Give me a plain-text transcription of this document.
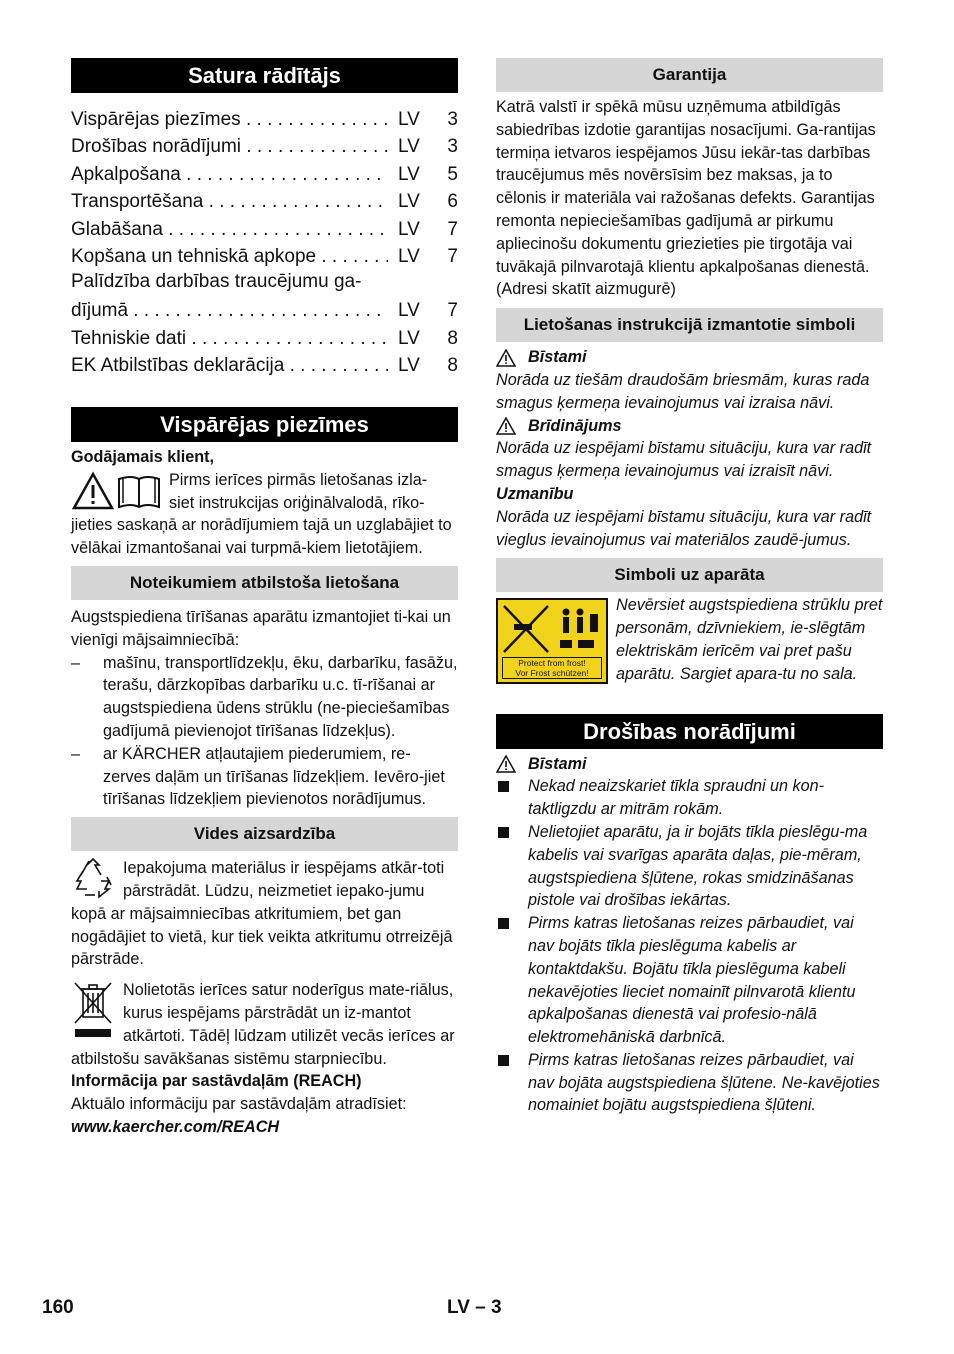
Satura rādītājs
Vispārējas piezīmes . . .	LV	3
Drošības norādījumi . . .	LV	3
Apkalpošana . . .	LV	5
Transportēšana . . .	LV	6
Glabāšana . . .	LV	7
Kopšana un tehniskā apkope . . .	LV	7
Palīdzība darbības traucējumu ga-
dījumā . . .	LV	7
Tehniskie dati . . .	LV	8
EK Atbilstības deklarācija . . .	LV	8
Vispārējas piezīmes

Godājamais klient,

Pirms ierīces pirmās lietošanas izla-

siet instrukcijas oriģinālvalodā, rīko-

jieties saskaņā ar norādījumiem tajā un uzglabājiet to vēlākai izmantošanai vai turpmā-kiem lietotājiem.

Noteikumiem atbilstoša lietošana

Augstspiediena tīrīšanas aparātu izmantojiet ti-kai un vienīgi mājsaimniecībā:

–	mašīnu, transportlīdzekļu, ēku, darbarīku, fasāžu, terašu, dārzkopības darbarīku u.c. tī-rīšanai ar augstspiediena ūdens strūklu (ne-pieciešamības gadījumā pievienojot tīrīšanas līdzekļus).
–	ar KÄRCHER atļautajiem piederumiem, re-zerves daļām un tīrīšanas līdzekļiem. Ievēro-jiet tīrīšanas līdzekļiem pievienotos norādījumus.
Vides aizsardzība

Iepakojuma materiālus ir iespējams atkār-toti pārstrādāt. Lūdzu, neizmetiet iepako-jumu kopā ar mājsaimniecības atkritumiem, bet gan nogādājiet to vietā, kur tiek veikta atkritumu otrreizējā pārstrāde.

Nolietotās ierīces satur noderīgus mate-riālus, kurus iespējams pārstrādāt un iz-mantot atkārtoti. Tādēļ lūdzam utilizēt vecās ierīces ar atbilstošu savākšanas sistēmu starpniecību.

Informācija par sastāvdaļām (REACH)

Aktuālo informāciju par sastāvdaļām atradīsiet:

www.kaercher.com/REACH

Garantija

Katrā valstī ir spēkā mūsu uzņēmuma atbildīgās sabiedrības izdotie garantijas nosacījumi. Ga-rantijas termiņa ietvaros iespējamos Jūsu iekār-tas darbības traucējumus mēs novērsīsim bez maksas, ja to cēlonis ir materiāla vai ražošanas defekts. Garantijas remonta nepieciešamības gadījumā ar pirkumu apliecinošu dokumentu griezieties pie tirgotāja vai tuvākajā pilnvarotajā klientu apkalpošanas dienestā.

(Adresi skatīt aizmugurē)

Lietošanas instrukcijā izmantotie simboli
Bīstami

Norāda uz tiešām draudošām briesmām, kuras rada smagus ķermeņa ievainojumus vai izraisa nāvi.

Brīdinājums

Norāda uz iespējami bīstamu situāciju, kura var radīt smagus ķermeņa ievainojumus vai izraisīt nāvi.

Uzmanību

Norāda uz iespējami bīstamu situāciju, kura var radīt vieglus ievainojumus vai materiālos zaudē-jumus.

Simboli uz aparāta
Protect from frost!
Vor Frost schützen!

Nevērsiet augstspiediena strūklu pret personām, dzīvniekiem, ie-slēgtām elektriskām ierīcēm vai pret pašu aparātu. Sargiet apara-tu no sala.

Drošības norādījumi
Bīstami
Nekad neaizskariet tīkla spraudni un kon-taktligzdu ar mitrām rokām.
Nelietojiet aparātu, ja ir bojāts tīkla pieslēgu-ma kabelis vai svarīgas aparāta daļas, pie-mēram, augstspiediena šļūtene, rokas smidzināšanas pistole vai drošības iekārtas.
Pirms katras lietošanas reizes pārbaudiet, vai nav bojāts tīkla pieslēguma kabelis ar kontaktdakšu. Bojātu tīkla pieslēguma kabeli nekavējoties lieciet nomainīt pilnvarotā klientu apkalpošanas dienestā vai profesio-nālā elektromehāniskā darbnīcā.
Pirms katras lietošanas reizes pārbaudiet, vai nav bojāta augstspiediena šļūtene. Ne-kavējoties nomainiet bojātu augstspiediena šļūteni.
160	LV – 3
